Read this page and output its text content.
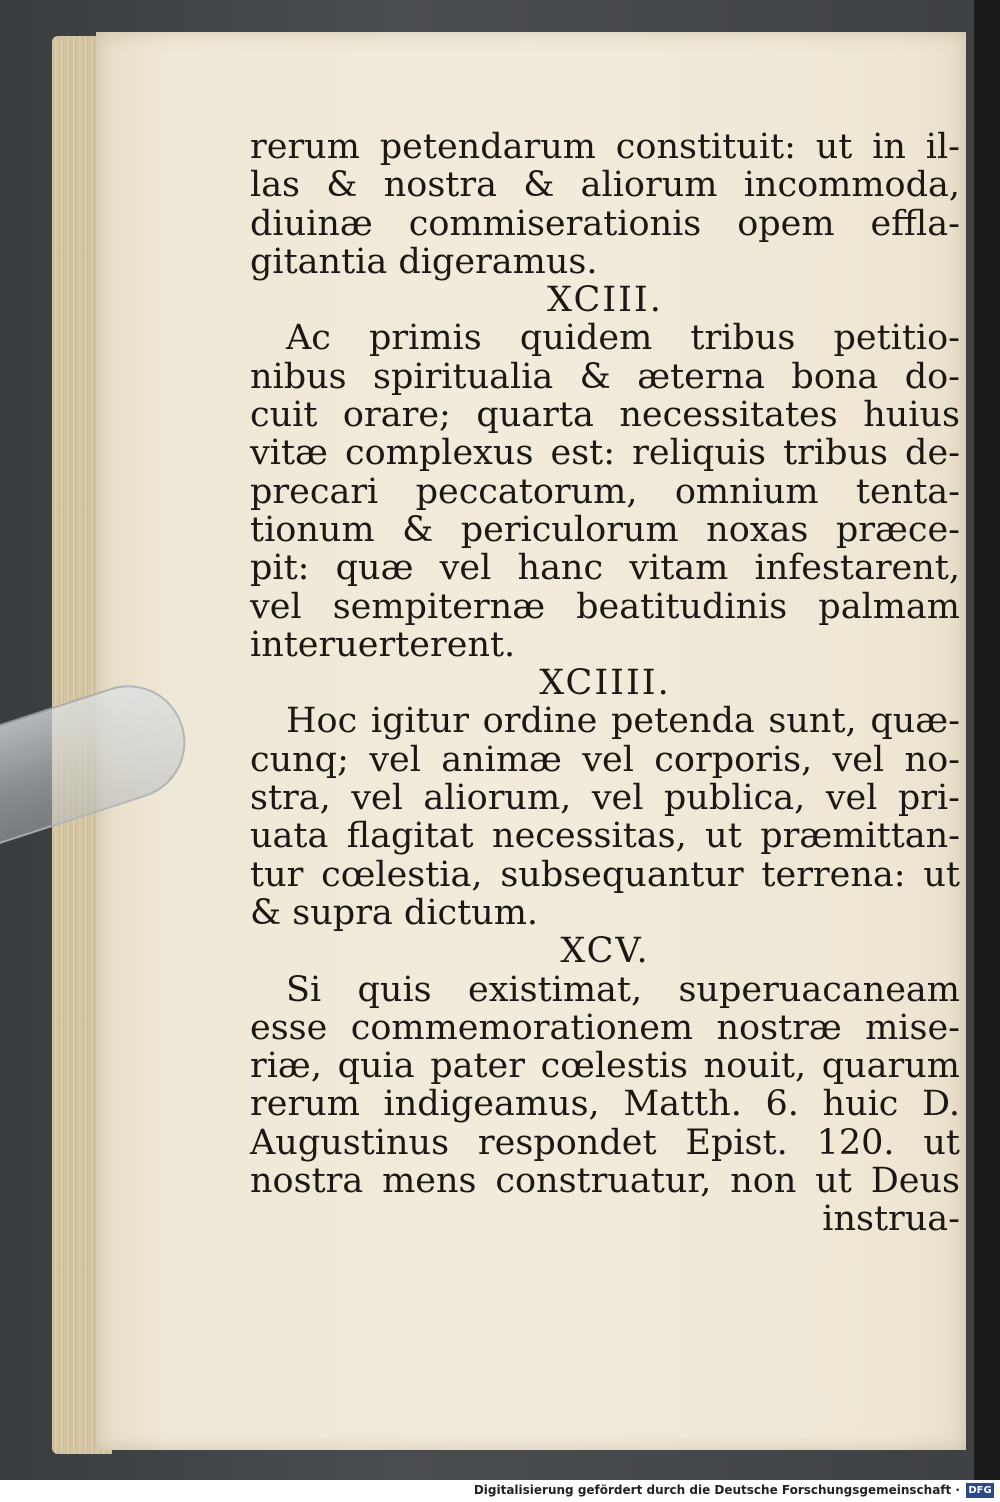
rerum petendarum constituit: ut in il-
las & nostra & aliorum incommoda,
diuinæ commiserationis opem effla-
gitantia digeramus.
XCIII.
Ac primis quidem tribus petitio-
nibus spiritualia & æterna bona do-
cuit orare; quarta necessitates huius
vitæ complexus est: reliquis tribus de-
precari peccatorum, omnium tenta-
tionum & periculorum noxas præce-
pit: quæ vel hanc vitam infestarent,
vel sempiternæ beatitudinis palmam
interuerterent.
XCIIII.
Hoc igitur ordine petenda sunt, quæ-
cunq; vel animæ vel corporis, vel no-
stra, vel aliorum, vel publica, vel pri-
uata flagitat necessitas, ut præmittan-
tur cœlestia, subsequantur terrena: ut
& supra dictum.
XCV.
Si quis existimat, superuacaneam
esse commemorationem nostræ mise-
riæ, quia pater cœlestis nouit, quarum
rerum indigeamus, Matth. 6. huic D.
Augustinus respondet Epist. 120. ut
nostra mens construatur, non ut Deus
instrua-
Digitalisierung gefördert durch die Deutsche Forschungsgemeinschaft · DFG
